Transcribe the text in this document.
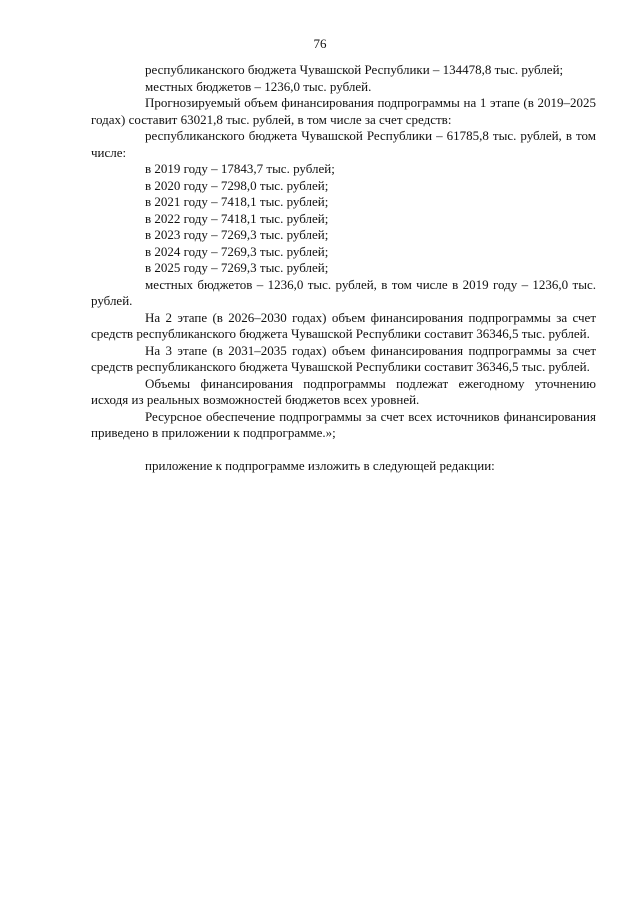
76

республиканского бюджета Чувашской Республики – 134478,8 тыс. рублей;

местных бюджетов – 1236,0 тыс. рублей.

Прогнозируемый объем финансирования подпрограммы на 1 этапе (в 2019–2025 годах) составит 63021,8 тыс. рублей, в том числе за счет средств:

республиканского бюджета Чувашской Республики – 61785,8 тыс. рублей, в том числе:

в 2019 году – 17843,7 тыс. рублей;

в 2020 году – 7298,0 тыс. рублей;

в 2021 году – 7418,1 тыс. рублей;

в 2022 году – 7418,1 тыс. рублей;

в 2023 году – 7269,3 тыс. рублей;

в 2024 году – 7269,3 тыс. рублей;

в 2025 году – 7269,3 тыс. рублей;

местных бюджетов – 1236,0 тыс. рублей, в том числе в 2019 году – 1236,0 тыс. рублей.

На 2 этапе (в 2026–2030 годах) объем финансирования подпрограммы за счет средств республиканского бюджета Чувашской Республики составит 36346,5 тыс. рублей.

На 3 этапе (в 2031–2035 годах) объем финансирования подпрограммы за счет средств республиканского бюджета Чувашской Республики составит 36346,5 тыс. рублей.

Объемы финансирования подпрограммы подлежат ежегодному уточнению исходя из реальных возможностей бюджетов всех уровней.

Ресурсное обеспечение подпрограммы за счет всех источников финансирования приведено в приложении к подпрограмме.»;

приложение к подпрограмме изложить в следующей редакции:
